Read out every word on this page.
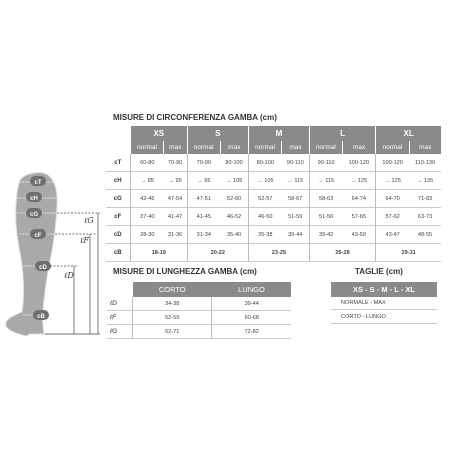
cT
cH
cG
cF
cD
cB
ℓG
ℓF
ℓD
MISURE DI CIRCONFERENZA GAMBA (cm)
	XS		S		M		L		XL	
	normal	max	normal	max	normal	max	normal	max	normal	max
cT	60-80	70-90	70-90	80-100	80-100	90-110	90-110	100-120	100-120	110-130
cH	→ 85	→ 95	→ 95	→ 105	→ 105	→ 115	→ 115	→ 125	→ 125	→ 135
cG	42-46	47-54	47-51	52-60	52-57	58-67	58-63	64-74	64-70	71-83
cF	37-40	41-47	41-45	46-52	46-50	51-59	51-56	57-65	57-62	63-73
cD	28-30	31-36	31-34	35-40	35-38	39-44	39-42	43-50	43-47	48-55
cB	18-19		20-22		23-25		26-28		29-31	
MISURE DI LUNGHEZZA GAMBA (cm)
	CORTO	LUNGO
ℓD	34-38	39-44
ℓF	52-59	60-68
ℓG	62-71	72-82
TAGLIE (cm)
XS - S - M - L - XL
NORMALE - MAX
CORTO - LUNGO
